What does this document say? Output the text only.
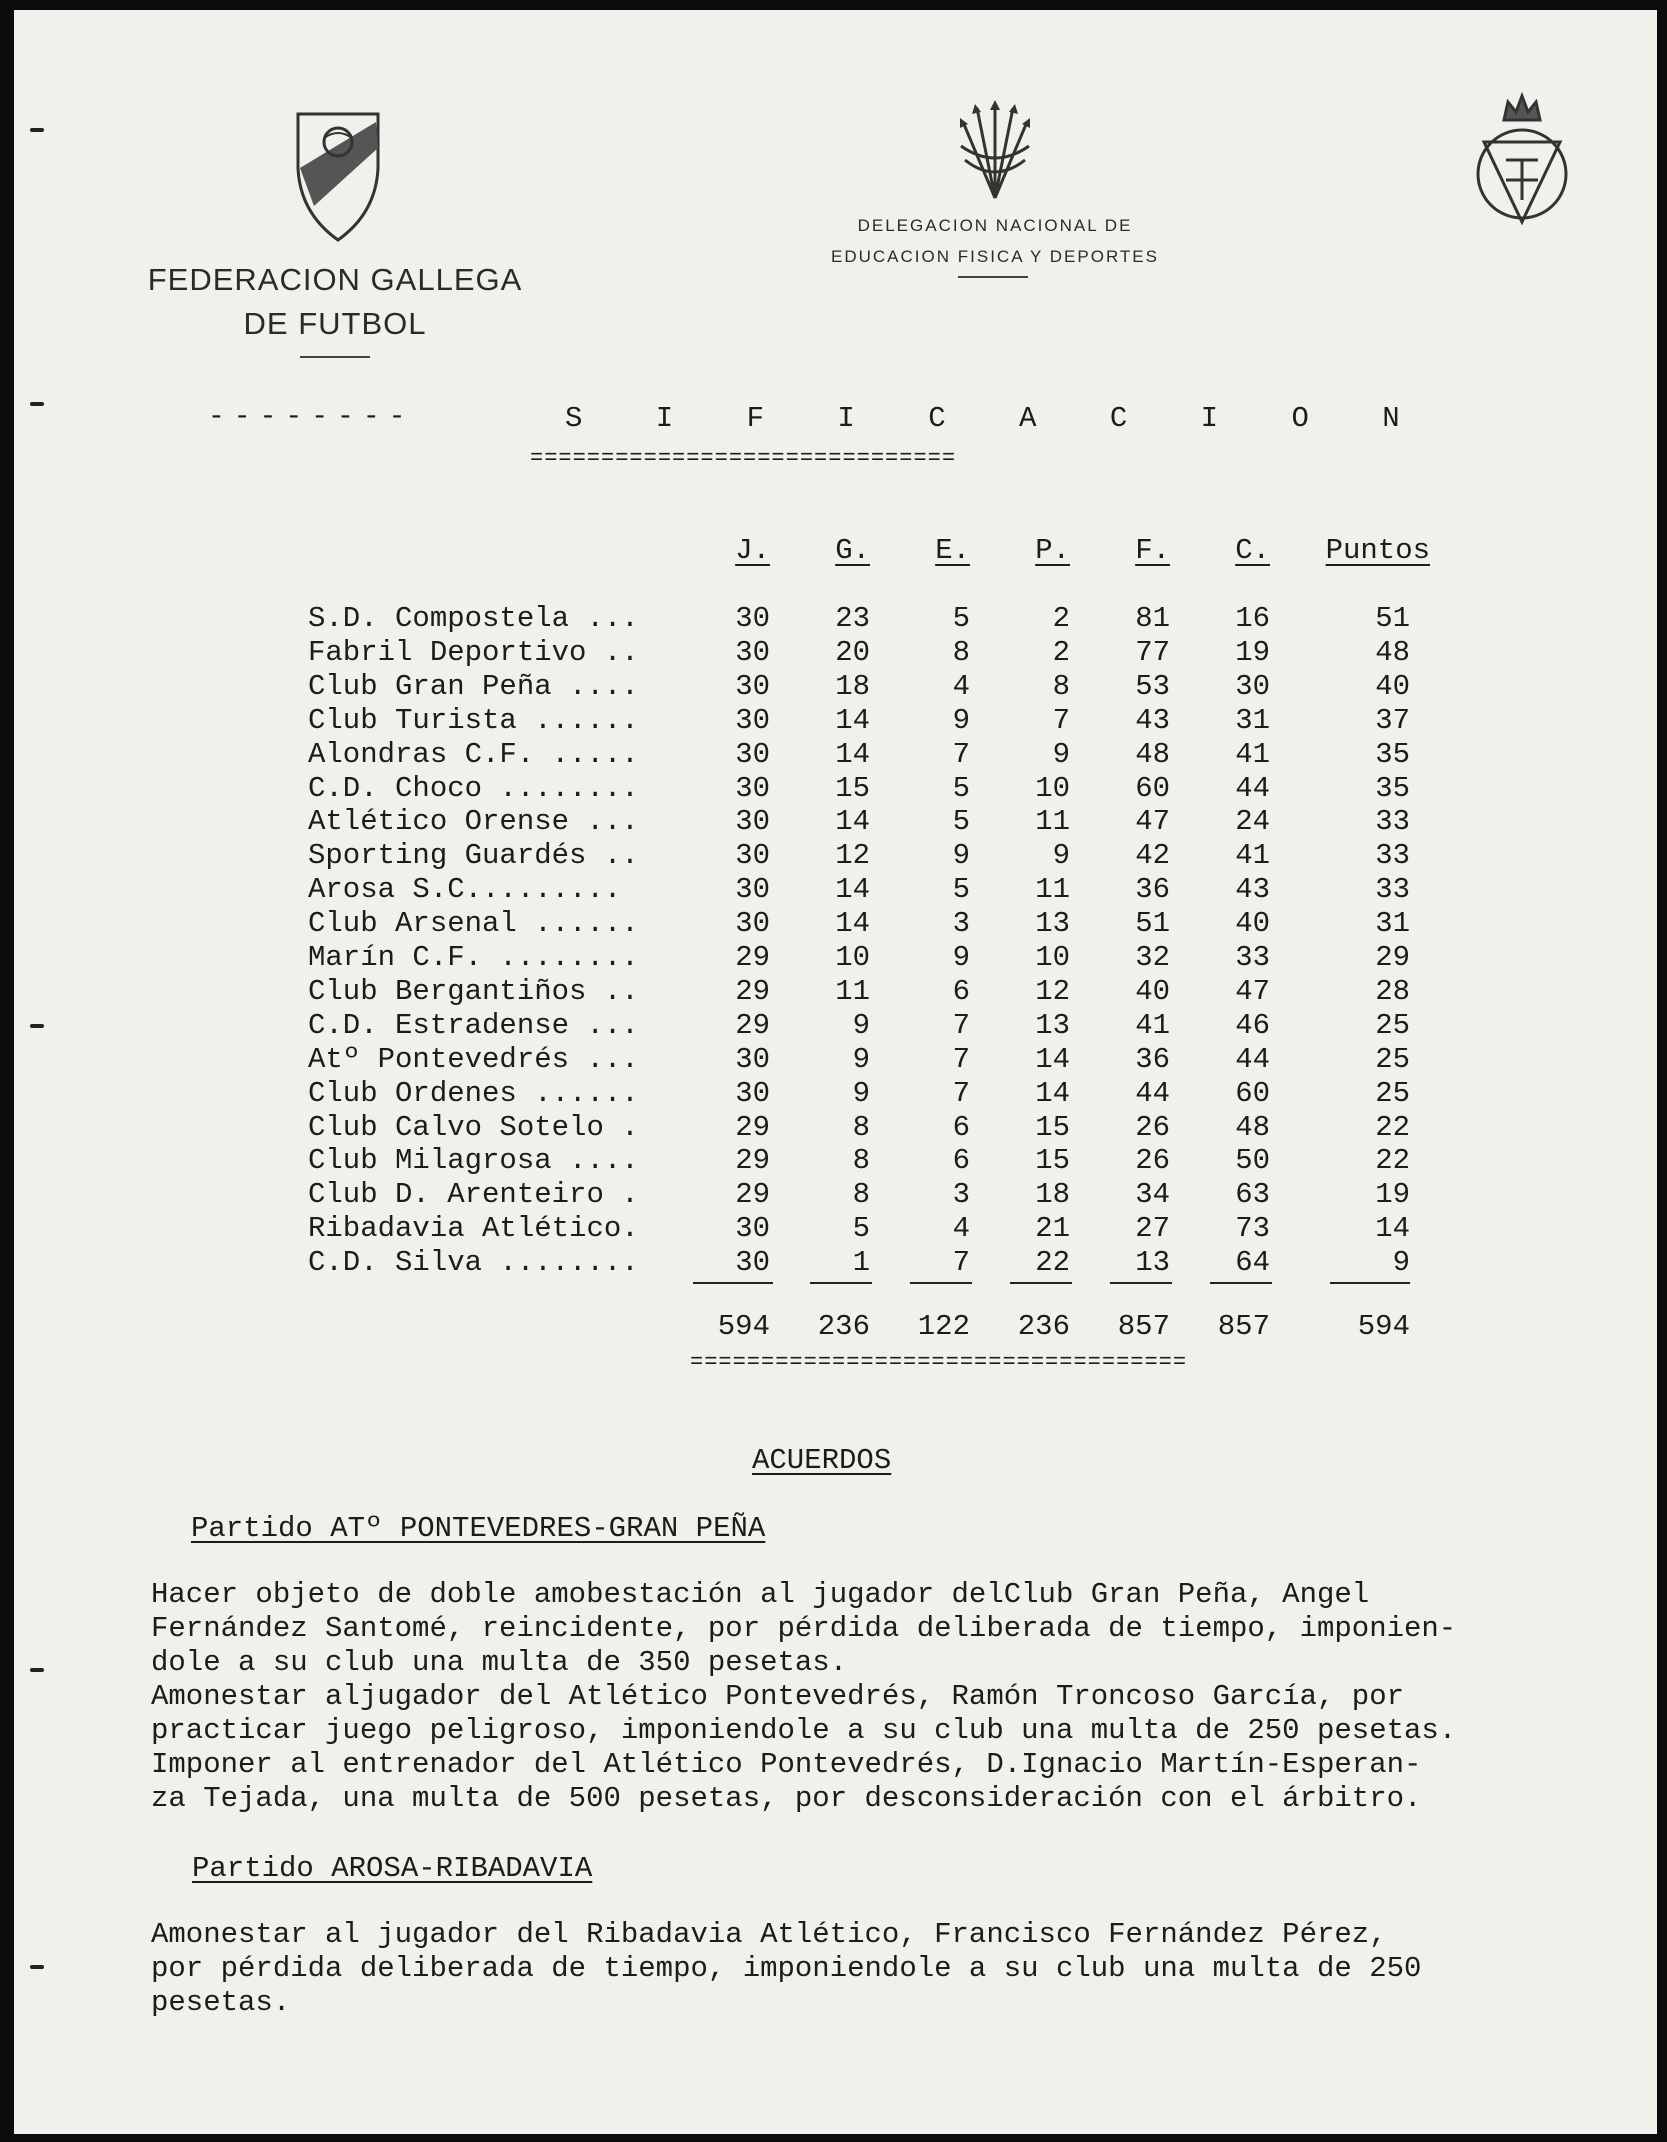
FEDERACION GALLEGA
DE FUTBOL
DELEGACION NACIONAL DE
EDUCACION FISICA Y DEPORTES
--------	S I F I C A C I O N
==============================
J.	G.	E.	P.	F.	C.	Puntos
S.D. Compostela ...	30	23	5	2	81	16	51
Fabril Deportivo ..	30	20	8	2	77	19	48
Club Gran Peña ....	30	18	4	8	53	30	40
Club Turista ......	30	14	9	7	43	31	37
Alondras C.F. .....	30	14	7	9	48	41	35
C.D. Choco ........	30	15	5	10	60	44	35
Atlético Orense ...	30	14	5	11	47	24	33
Sporting Guardés ..	30	12	9	9	42	41	33
Arosa S.C.........	30	14	5	11	36	43	33
Club Arsenal ......	30	14	3	13	51	40	31
Marín C.F. ........	29	10	9	10	32	33	29
Club Bergantiños ..	29	11	6	12	40	47	28
C.D. Estradense ...	29	9	7	13	41	46	25
Atº Pontevedrés ...	30	9	7	14	36	44	25
Club Ordenes ......	30	9	7	14	44	60	25
Club Calvo Sotelo .	29	8	6	15	26	48	22
Club Milagrosa ....	29	8	6	15	26	50	22
Club D. Arenteiro .	29	8	3	18	34	63	19
Ribadavia Atlético.	30	5	4	21	27	73	14
C.D. Silva ........	30	1	7	22	13	64	9
594	236	122	236	857	857	594
===================================
ACUERDOS
Partido ATº PONTEVEDRES-GRAN PEÑA
Hacer objeto de doble amobestación al jugador delClub Gran Peña, Angel
Fernández Santomé, reincidente, por pérdida deliberada de tiempo, imponien-
dole a su club una multa de 350 pesetas.
Amonestar aljugador del Atlético Pontevedrés, Ramón Troncoso García, por
practicar juego peligroso, imponiendole a su club una multa de 250 pesetas.
Imponer al entrenador del Atlético Pontevedrés, D.Ignacio Martín-Esperan-
za Tejada, una multa de 500 pesetas, por desconsideración con el árbitro.
Partido AROSA-RIBADAVIA
Amonestar al jugador del Ribadavia Atlético, Francisco Fernández Pérez,
por pérdida deliberada de tiempo, imponiendole a su club una multa de 250
pesetas.
